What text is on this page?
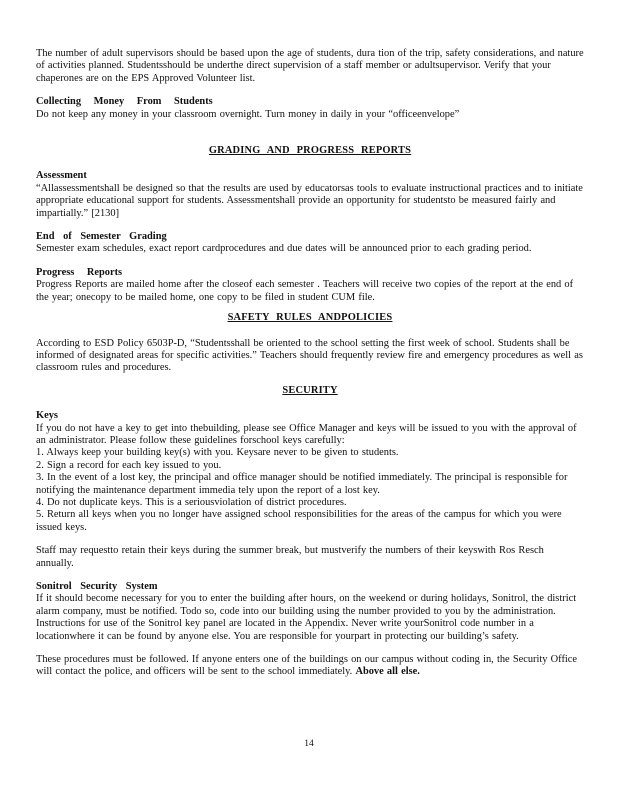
The number of adult supervisors should be based upon the age of students, dura tion of the trip, safety considerations, and nature of activities planned. Studentsshould be underthe direct supervision of a staff member or adultsupervisor. Verify that your chaperones are on the EPS Approved Volunteer list.

Collecting Money From Students

Do not keep any money in your classroom overnight. Turn money in daily in your “officeenvelope”

GRADING AND PROGRESS REPORTS

Assessment

“Allassessmentshall be designed so that the results are used by educatorsas tools to evaluate instructional practices and to initiate appropriate educational support for students. Assessmentshall provide an opportunity for studentsto be measured fairly and impartially.” [2130]

End of Semester Grading

Semester exam schedules, exact report cardprocedures and due dates will be announced prior to each grading period.

Progress Reports

Progress Reports are mailed home after the closeof each semester . Teachers will receive two copies of the report at the end of the year; onecopy to be mailed home, one copy to be filed in student CUM file.

SAFETY RULES ANDPOLICIES

According to ESD Policy 6503P-D, “Studentsshall be oriented to the school setting the first week of school. Students shall be informed of designated areas for specific activities.” Teachers should frequently review fire and emergency procedures as well as classroom rules and procedures.

SECURITY

Keys

If you do not have a key to get into thebuilding, please see Office Manager and keys will be issued to you with the approval of an administrator. Please follow these guidelines forschool keys carefully:

1. Always keep your building key(s) with you. Keysare never to be given to students.

2. Sign a record for each key issued to you.

3. In the event of a lost key, the principal and office manager should be notified immediately. The principal is responsible for notifying the maintenance department immedia tely upon the report of a lost key.

4. Do not duplicate keys. This is a seriousviolation of district procedures.

5. Return all keys when you no longer have assigned school responsibilities for the areas of the campus for which you were issued keys.

Staff may requestto retain their keys during the summer break, but mustverify the numbers of their keyswith Ros Resch annually.

Sonitrol Security System

If it should become necessary for you to enter the building after hours, on the weekend or during holidays, Sonitrol, the district alarm company, must be notified. Todo so, code into our building using the number provided to you by the administration. Instructions for use of the Sonitrol key panel are located in the Appendix. Never write yourSonitrol code number in a locationwhere it can be found by anyone else. You are responsible for yourpart in protecting our building’s safety.

These procedures must be followed. If anyone enters one of the buildings on our campus without coding in, the Security Office will contact the police, and officers will be sent to the school immediately. Above all else.

14
